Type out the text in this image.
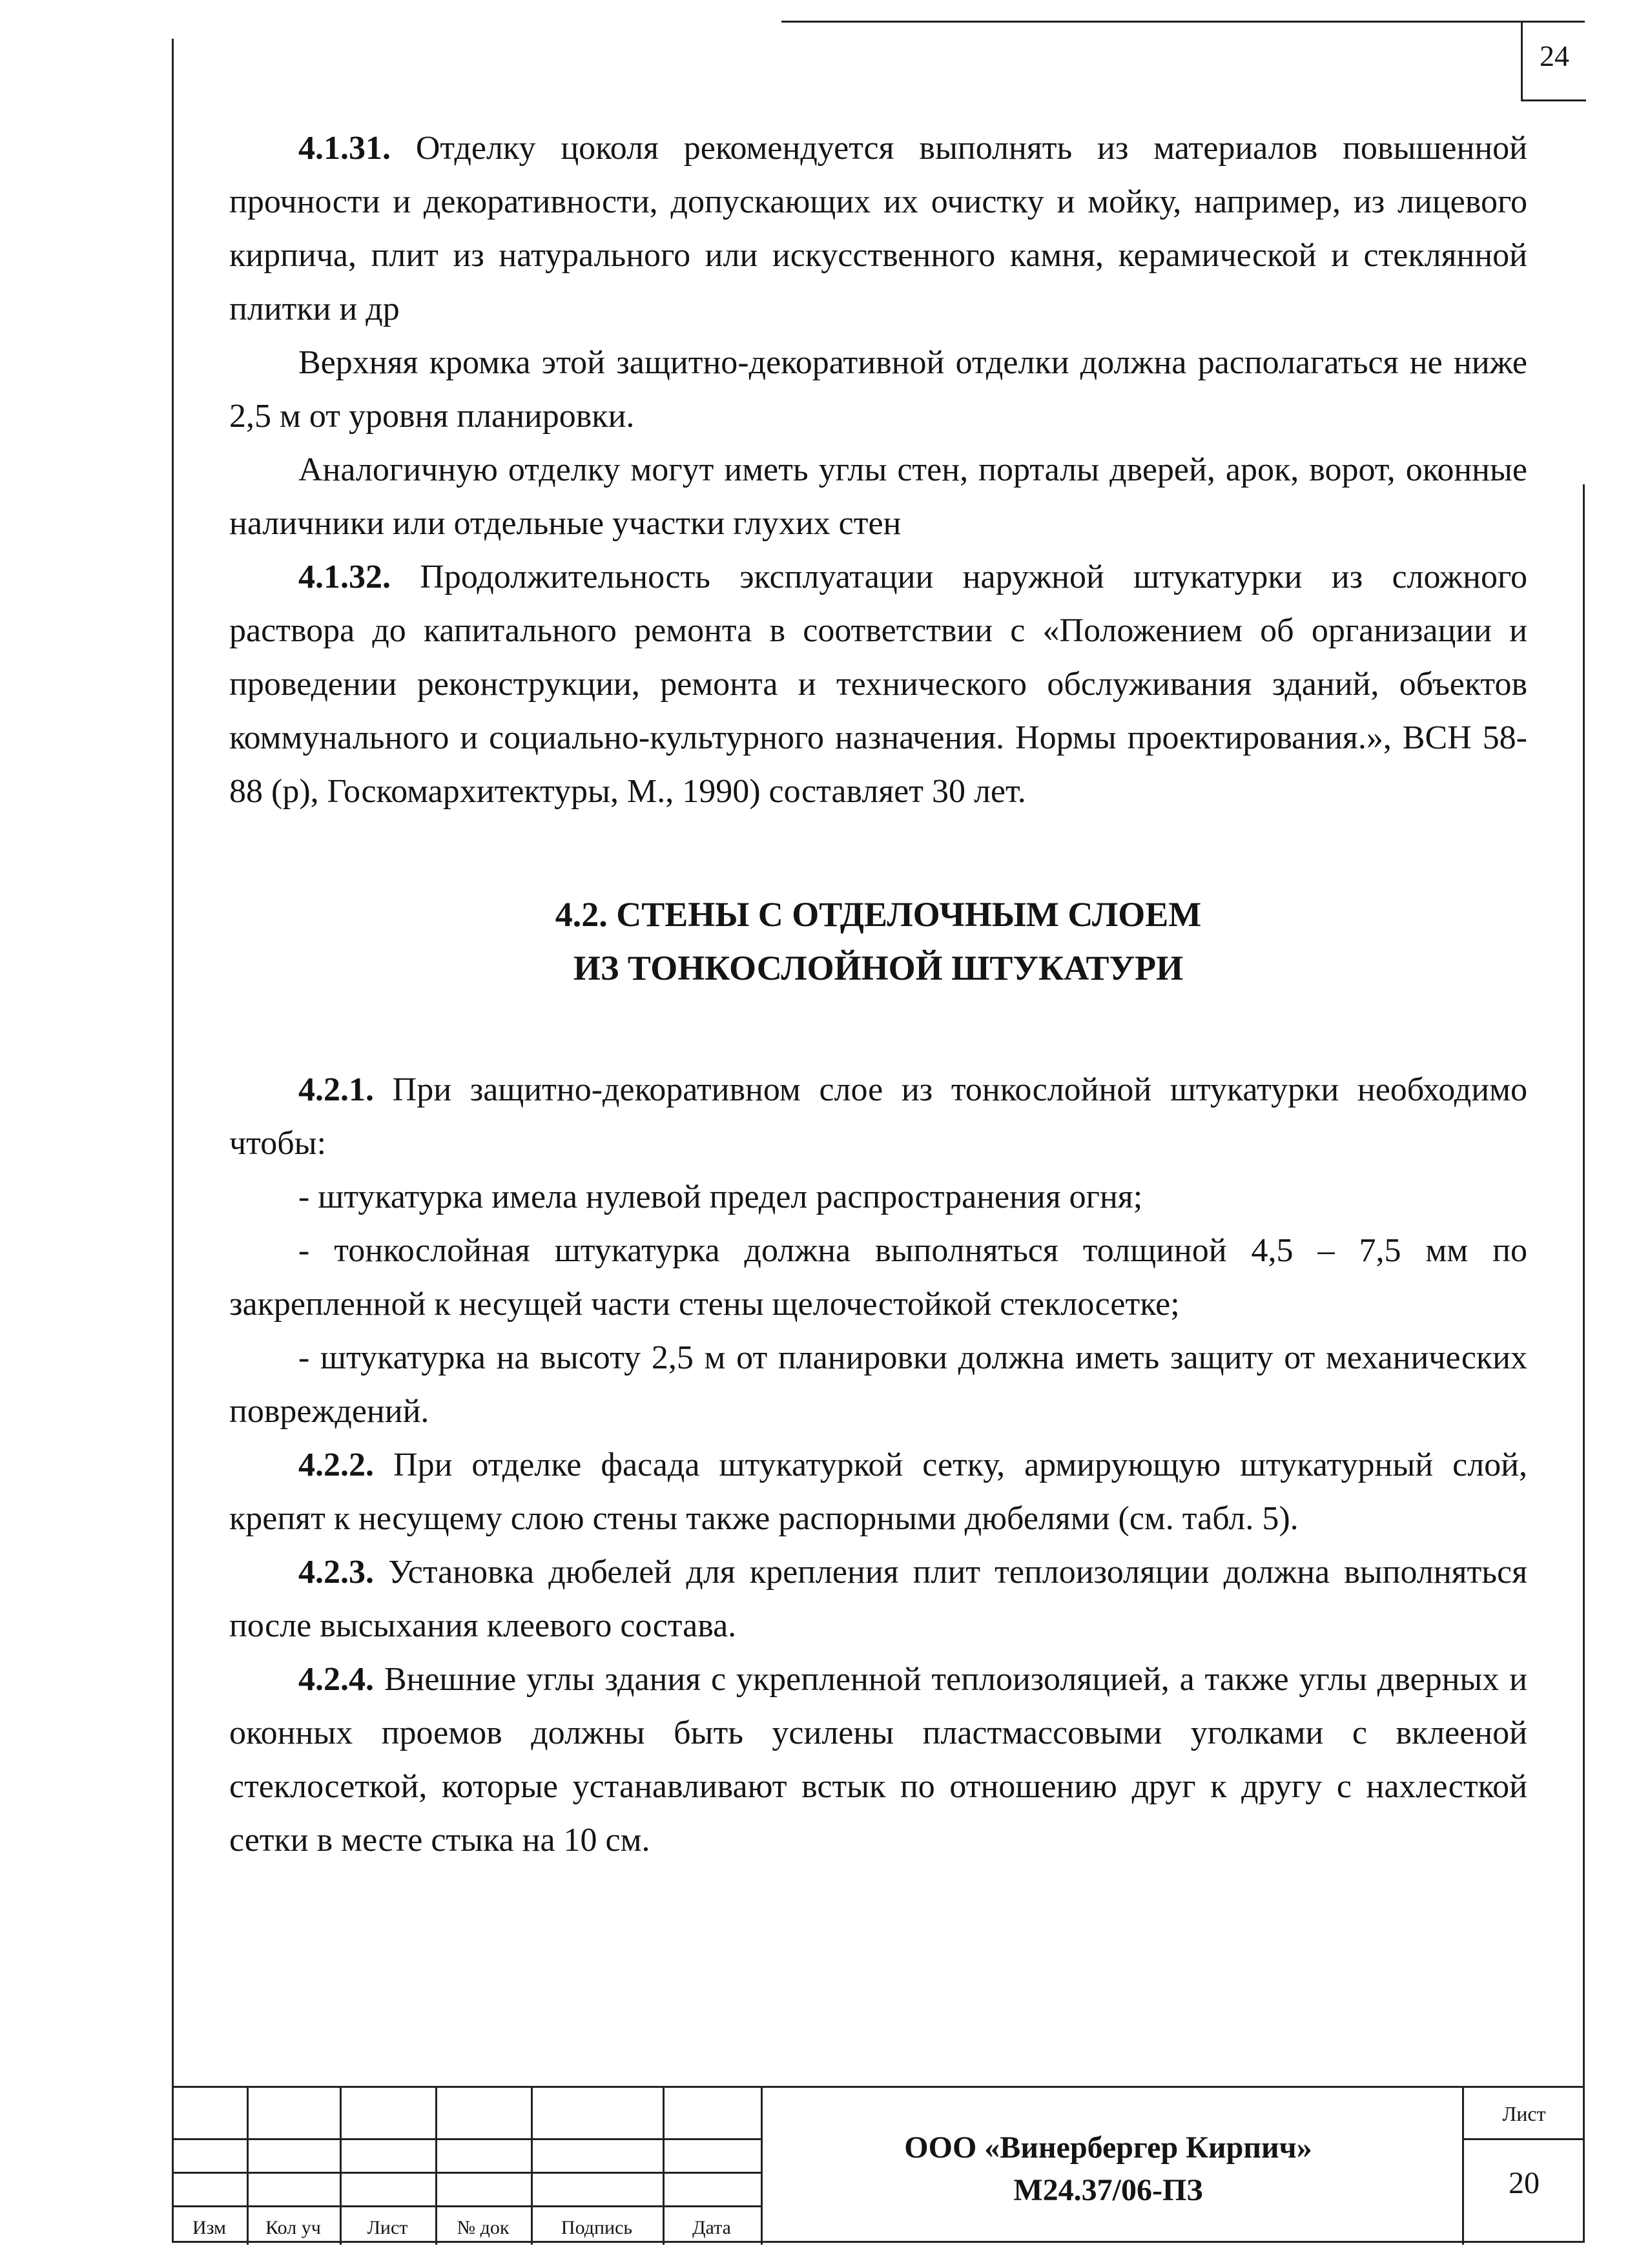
24

4.1.31. Отделку цоколя рекомендуется выполнять из материалов повышенной прочности и декоративности, допускающих их очистку и мойку, например, из лицевого кирпича, плит из натурального или искусственного камня, керамической и стеклянной плитки и др

Верхняя кромка этой защитно-декоративной отделки должна располагаться не ниже 2,5 м от уровня планировки.

Аналогичную отделку могут иметь углы стен, порталы дверей, арок, ворот, оконные наличники или отдельные участки глухих стен

4.1.32. Продолжительность эксплуатации наружной штукатурки из сложного раствора до капитального ремонта в соответствии с «Положением об организации и проведении реконструкции, ремонта и технического обслуживания зданий, объектов коммунального и социально-культурного назначения. Нормы проектирования.», ВСН 58-88 (р), Госкомархитектуры, М., 1990) составляет 30 лет.

4.2. СТЕНЫ С ОТДЕЛОЧНЫМ СЛОЕМ
ИЗ ТОНКОСЛОЙНОЙ ШТУКАТУРИ

4.2.1. При защитно-декоративном слое из тонкослойной штукатурки необходимо чтобы:

- штукатурка имела нулевой предел распространения огня;

- тонкослойная штукатурка должна выполняться толщиной 4,5 – 7,5 мм по закрепленной к несущей части стены щелочестойкой стеклосетке;

- штукатурка на высоту 2,5 м от планировки должна иметь защиту от механических повреждений.

4.2.2. При отделке фасада штукатуркой сетку, армирующую штукатурный слой, крепят к несущему слою стены также распорными дюбелями (см. табл. 5).

4.2.3. Установка дюбелей для крепления плит теплоизоляции должна выполняться после высыхания клеевого состава.

4.2.4. Внешние углы здания с укрепленной теплоизоляцией, а также углы дверных и оконных проемов должны быть усилены пластмассовыми уголками с вклееной стеклосеткой, которые устанавливают встык по отношению друг к другу с нахлесткой сетки в месте стыка на 10 см.

Изм	Кол уч	Лист	№ док	Подпись	Дата
ООО «Винербергер Кирпич»
М24.37/06-ПЗ
Лист
20
